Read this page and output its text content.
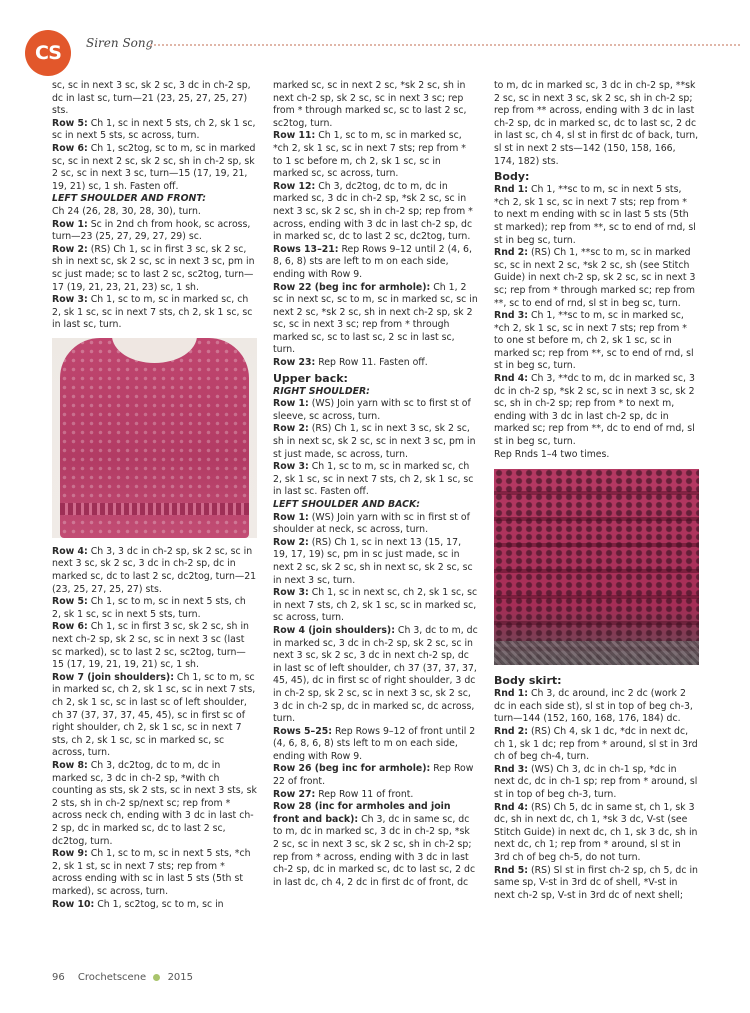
CS	Siren Song

sc, sc in next 3 sc, sk 2 sc, 3 dc in ch-2 sp, dc in last sc, turn—21 (23, 25, 27, 25, 27) sts.

Row 5: Ch 1, sc in next 5 sts, ch 2, sk 1 sc, sc in next 5 sts, sc across, turn.

Row 6: Ch 1, sc2tog, sc to m, sc in marked sc, sc in next 2 sc, sk 2 sc, sh in ch-2 sp, sk 2 sc, sc in next 3 sc, turn—15 (17, 19, 21, 19, 21) sc, 1 sh. Fasten off.

LEFT SHOULDER AND FRONT:

Ch 24 (26, 28, 30, 28, 30), turn.

Row 1: Sc in 2nd ch from hook, sc across, turn—23 (25, 27, 29, 27, 29) sc.

Row 2: (RS) Ch 1, sc in first 3 sc, sk 2 sc, sh in next sc, sk 2 sc, sc in next 3 sc, pm in sc just made; sc to last 2 sc, sc2tog, turn—17 (19, 21, 23, 21, 23) sc, 1 sh.

Row 3: Ch 1, sc to m, sc in marked sc, ch 2, sk 1 sc, sc in next 7 sts, ch 2, sk 1 sc, sc in last sc, turn.

Row 4: Ch 3, 3 dc in ch-2 sp, sk 2 sc, sc in next 3 sc, sk 2 sc, 3 dc in ch-2 sp, dc in marked sc, dc to last 2 sc, dc2tog, turn—21 (23, 25, 27, 25, 27) sts.

Row 5: Ch 1, sc to m, sc in next 5 sts, ch 2, sk 1 sc, sc in next 5 sts, turn.

Row 6: Ch 1, sc in first 3 sc, sk 2 sc, sh in next ch-2 sp, sk 2 sc, sc in next 3 sc (last sc marked), sc to last 2 sc, sc2tog, turn—15 (17, 19, 21, 19, 21) sc, 1 sh.

Row 7 (join shoulders): Ch 1, sc to m, sc in marked sc, ch 2, sk 1 sc, sc in next 7 sts, ch 2, sk 1 sc, sc in last sc of left shoulder, ch 37 (37, 37, 37, 45, 45), sc in first sc of right shoulder, ch 2, sk 1 sc, sc in next 7 sts, ch 2, sk 1 sc, sc in marked sc, sc across, turn.

Row 8: Ch 3, dc2tog, dc to m, dc in marked sc, 3 dc in ch-2 sp, *with ch counting as sts, sk 2 sts, sc in next 3 sts, sk 2 sts, sh in ch-2 sp/next sc; rep from * across neck ch, ending with 3 dc in last ch-2 sp, dc in marked sc, dc to last 2 sc, dc2tog, turn.

Row 9: Ch 1, sc to m, sc in next 5 sts, *ch 2, sk 1 st, sc in next 7 sts; rep from * across ending with sc in last 5 sts (5th st marked), sc across, turn.

Row 10: Ch 1, sc2tog, sc to m, sc in

marked sc, sc in next 2 sc, *sk 2 sc, sh in next ch-2 sp, sk 2 sc, sc in next 3 sc; rep from * through marked sc, sc to last 2 sc, sc2tog, turn.

Row 11: Ch 1, sc to m, sc in marked sc, *ch 2, sk 1 sc, sc in next 7 sts; rep from * to 1 sc before m, ch 2, sk 1 sc, sc in marked sc, sc across, turn.

Row 12: Ch 3, dc2tog, dc to m, dc in marked sc, 3 dc in ch-2 sp, *sk 2 sc, sc in next 3 sc, sk 2 sc, sh in ch-2 sp; rep from * across, ending with 3 dc in last ch-2 sp, dc in marked sc, dc to last 2 sc, dc2tog, turn.

Rows 13–21: Rep Rows 9–12 until 2 (4, 6, 8, 6, 8) sts are left to m on each side, ending with Row 9.

Row 22 (beg inc for armhole): Ch 1, 2 sc in next sc, sc to m, sc in marked sc, sc in next 2 sc, *sk 2 sc, sh in next ch-2 sp, sk 2 sc, sc in next 3 sc; rep from * through marked sc, sc to last sc, 2 sc in last sc, turn.

Row 23: Rep Row 11. Fasten off.

Upper back:

RIGHT SHOULDER:

Row 1: (WS) Join yarn with sc to first st of sleeve, sc across, turn.

Row 2: (RS) Ch 1, sc in next 3 sc, sk 2 sc, sh in next sc, sk 2 sc, sc in next 3 sc, pm in st just made, sc across, turn.

Row 3: Ch 1, sc to m, sc in marked sc, ch 2, sk 1 sc, sc in next 7 sts, ch 2, sk 1 sc, sc in last sc. Fasten off.

LEFT SHOULDER AND BACK:

Row 1: (WS) Join yarn with sc in first st of shoulder at neck, sc across, turn.

Row 2: (RS) Ch 1, sc in next 13 (15, 17, 19, 17, 19) sc, pm in sc just made, sc in next 2 sc, sk 2 sc, sh in next sc, sk 2 sc, sc in next 3 sc, turn.

Row 3: Ch 1, sc in next sc, ch 2, sk 1 sc, sc in next 7 sts, ch 2, sk 1 sc, sc in marked sc, sc across, turn.

Row 4 (join shoulders): Ch 3, dc to m, dc in marked sc, 3 dc in ch-2 sp, sk 2 sc, sc in next 3 sc, sk 2 sc, 3 dc in next ch-2 sp, dc in last sc of left shoulder, ch 37 (37, 37, 37, 45, 45), dc in first sc of right shoulder, 3 dc in ch-2 sp, sk 2 sc, sc in next 3 sc, sk 2 sc, 3 dc in ch-2 sp, dc in marked sc, dc across, turn.

Rows 5–25: Rep Rows 9–12 of front until 2 (4, 6, 8, 6, 8) sts left to m on each side, ending with Row 9.

Row 26 (beg inc for armhole): Rep Row 22 of front.

Row 27: Rep Row 11 of front.

Row 28 (inc for armholes and join front and back): Ch 3, dc in same sc, dc to m, dc in marked sc, 3 dc in ch-2 sp, *sk 2 sc, sc in next 3 sc, sk 2 sc, sh in ch-2 sp; rep from * across, ending with 3 dc in last ch-2 sp, dc in marked sc, dc to last sc, 2 dc in last dc, ch 4, 2 dc in first dc of front, dc

to m, dc in marked sc, 3 dc in ch-2 sp, **sk 2 sc, sc in next 3 sc, sk 2 sc, sh in ch-2 sp; rep from ** across, ending with 3 dc in last ch-2 sp, dc in marked sc, dc to last sc, 2 dc in last sc, ch 4, sl st in first dc of back, turn, sl st in next 2 sts—142 (150, 158, 166, 174, 182) sts.

Body:

Rnd 1: Ch 1, **sc to m, sc in next 5 sts, *ch 2, sk 1 sc, sc in next 7 sts; rep from * to next m ending with sc in last 5 sts (5th st marked); rep from **, sc to end of rnd, sl st in beg sc, turn.

Rnd 2: (RS) Ch 1, **sc to m, sc in marked sc, sc in next 2 sc, *sk 2 sc, sh (see Stitch Guide) in next ch-2 sp, sk 2 sc, sc in next 3 sc; rep from * through marked sc; rep from **, sc to end of rnd, sl st in beg sc, turn.

Rnd 3: Ch 1, **sc to m, sc in marked sc, *ch 2, sk 1 sc, sc in next 7 sts; rep from * to one st before m, ch 2, sk 1 sc, sc in marked sc; rep from **, sc to end of rnd, sl st in beg sc, turn.

Rnd 4: Ch 3, **dc to m, dc in marked sc, 3 dc in ch-2 sp, *sk 2 sc, sc in next 3 sc, sk 2 sc, sh in ch-2 sp; rep from * to next m, ending with 3 dc in last ch-2 sp, dc in marked sc; rep from **, dc to end of rnd, sl st in beg sc, turn.

Rep Rnds 1–4 two times.

Body skirt:

Rnd 1: Ch 3, dc around, inc 2 dc (work 2 dc in each side st), sl st in top of beg ch-3, turn—144 (152, 160, 168, 176, 184) dc.

Rnd 2: (RS) Ch 4, sk 1 dc, *dc in next dc, ch 1, sk 1 dc; rep from * around, sl st in 3rd ch of beg ch-4, turn.

Rnd 3: (WS) Ch 3, dc in ch-1 sp, *dc in next dc, dc in ch-1 sp; rep from * around, sl st in top of beg ch-3, turn.

Rnd 4: (RS) Ch 5, dc in same st, ch 1, sk 3 dc, sh in next dc, ch 1, *sk 3 dc, V-st (see Stitch Guide) in next dc, ch 1, sk 3 dc, sh in next dc, ch 1; rep from * around, sl st in 3rd ch of beg ch-5, do not turn.

Rnd 5: (RS) Sl st in first ch-2 sp, ch 5, dc in same sp, V-st in 3rd dc of shell, *V-st in next ch-2 sp, V-st in 3rd dc of next shell;

96 Crochetscene 2015
